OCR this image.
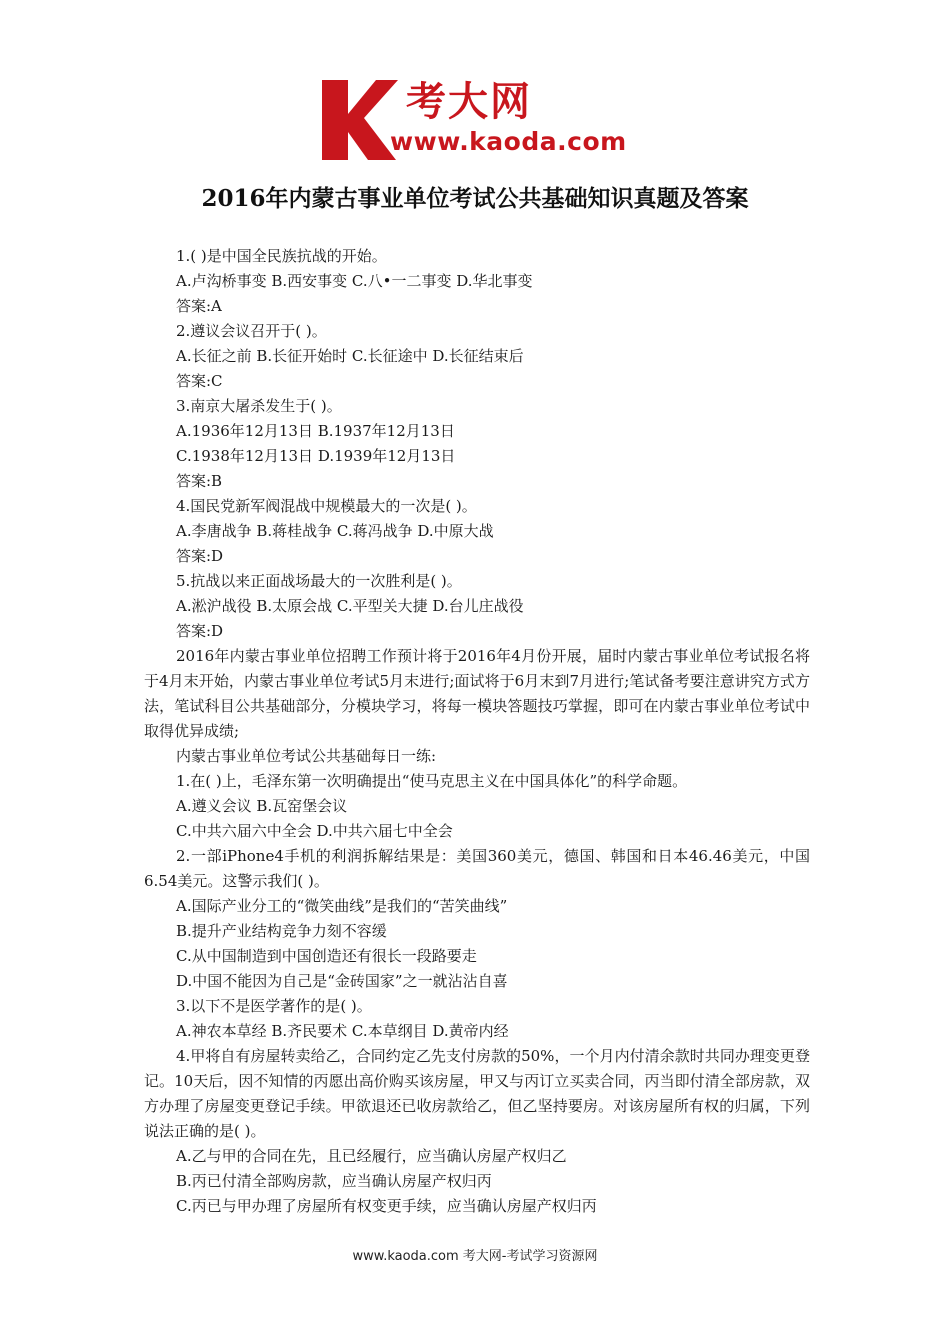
考大网
www.kaoda.com
2016年内蒙古事业单位考试公共基础知识真题及答案
1.( )是中国全民族抗战的开始。
A.卢沟桥事变 B.西安事变 C.八•一二事变 D.华北事变
答案:A
2.遵议会议召开于( )。
A.长征之前 B.长征开始时 C.长征途中 D.长征结束后
答案:C
3.南京大屠杀发生于( )。
A.1936年12月13日 B.1937年12月13日
C.1938年12月13日 D.1939年12月13日
答案:B
4.国民党新军阀混战中规模最大的一次是( )。
A.李唐战争 B.蒋桂战争 C.蒋冯战争 D.中原大战
答案:D
5.抗战以来正面战场最大的一次胜利是( )。
A.淞沪战役 B.太原会战 C.平型关大捷 D.台儿庄战役
答案:D
2016年内蒙古事业单位招聘工作预计将于2016年4月份开展，届时内蒙古事业单位考试报名将于4月末开始，内蒙古事业单位考试5月末进行;面试将于6月末到7月进行;笔试备考要注意讲究方式方法，笔试科目公共基础部分，分模块学习，将每一模块答题技巧掌握，即可在内蒙古事业单位考试中取得优异成绩;
内蒙古事业单位考试公共基础每日一练:
1.在( )上，毛泽东第一次明确提出“使马克思主义在中国具体化”的科学命题。
A.遵义会议 B.瓦窑堡会议
C.中共六届六中全会 D.中共六届七中全会
2.一部iPhone4手机的利润拆解结果是：美国360美元，德国、韩国和日本46.46美元，中国6.54美元。这警示我们( )。
A.国际产业分工的“微笑曲线”是我们的“苦笑曲线”
B.提升产业结构竞争力刻不容缓
C.从中国制造到中国创造还有很长一段路要走
D.中国不能因为自己是“金砖国家”之一就沾沾自喜
3.以下不是医学著作的是( )。
A.神农本草经 B.齐民要术 C.本草纲目 D.黄帝内经
4.甲将自有房屋转卖给乙，合同约定乙先支付房款的50%，一个月内付清余款时共同办理变更登记。10天后，因不知情的丙愿出高价购买该房屋，甲又与丙订立买卖合同，丙当即付清全部房款，双方办理了房屋变更登记手续。甲欲退还已收房款给乙，但乙坚持要房。对该房屋所有权的归属，下列说法正确的是( )。
A.乙与甲的合同在先，且已经履行，应当确认房屋产权归乙
B.丙已付清全部购房款，应当确认房屋产权归丙
C.丙已与甲办理了房屋所有权变更手续，应当确认房屋产权归丙
www.kaoda.com 考大网-考试学习资源网
